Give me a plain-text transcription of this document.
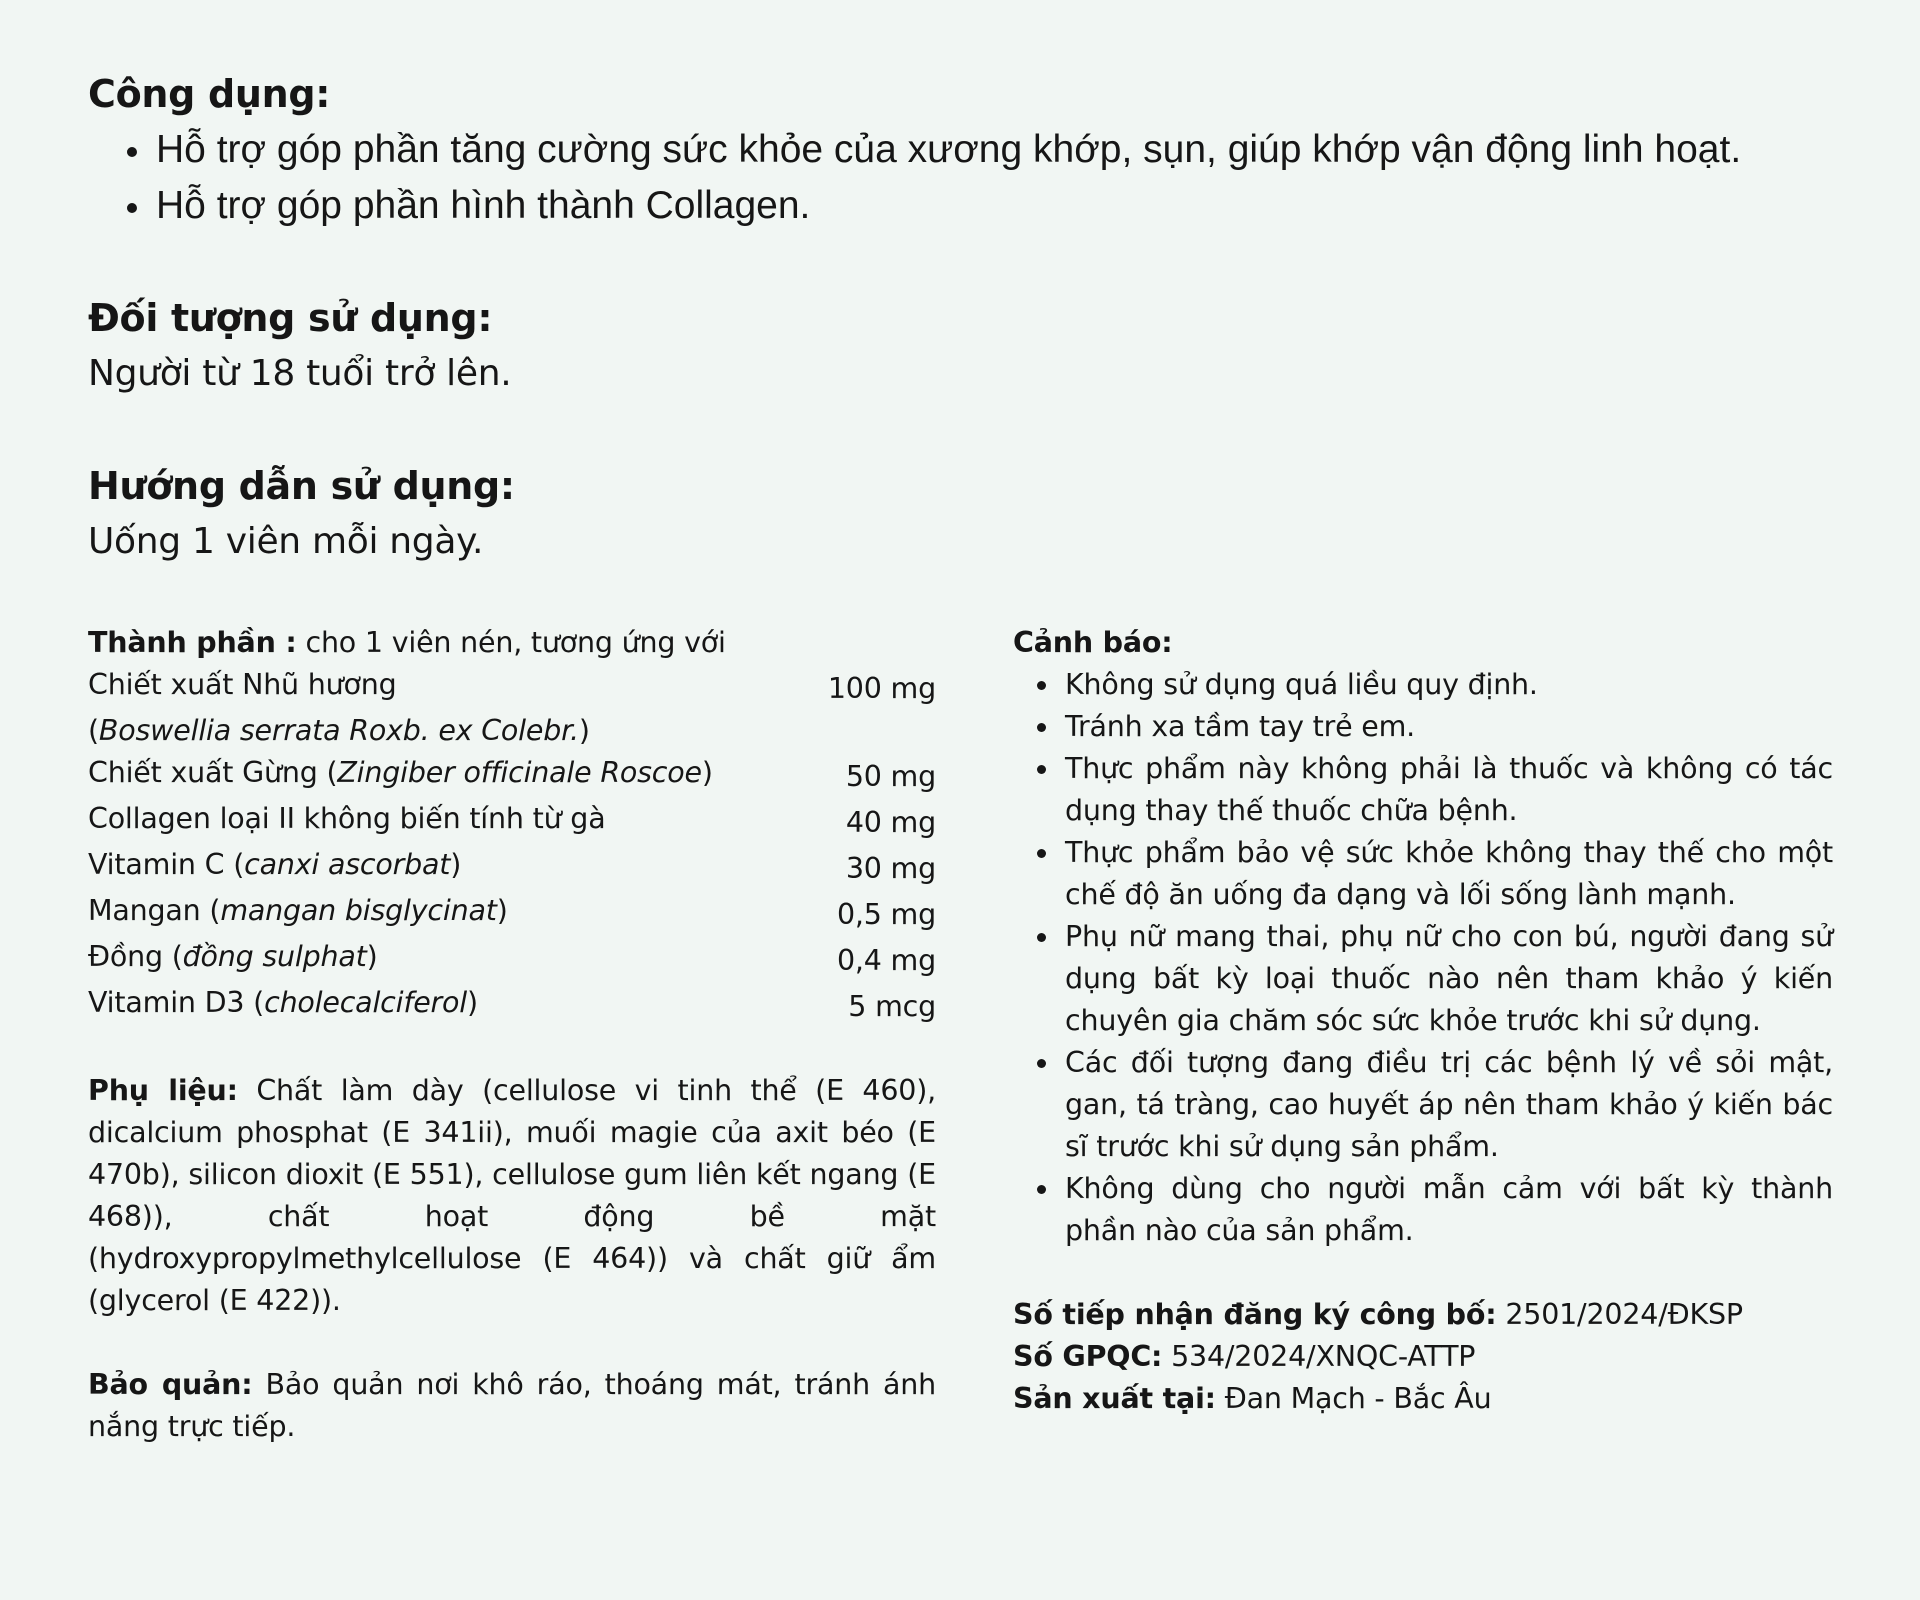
Công dụng:
Hỗ trợ góp phần tăng cường sức khỏe của xương khớp, sụn, giúp khớp vận động linh hoạt.
Hỗ trợ góp phần hình thành Collagen.
Đối tượng sử dụng:

Người từ 18 tuổi trở lên.

Hướng dẫn sử dụng:

Uống 1 viên mỗi ngày.

Thành phần : cho 1 viên nén, tương ứng với
Chiết xuất Nhũ hương	100 mg
(Boswellia serrata Roxb. ex Colebr.)
Chiết xuất Gừng (Zingiber officinale Roscoe)	50 mg
Collagen loại II không biến tính từ gà	40 mg
Vitamin C (canxi ascorbat)	30 mg
Mangan (mangan bisglycinat)	0,5 mg
Đồng (đồng sulphat)	0,4 mg
Vitamin D3 (cholecalciferol)	5 mcg
Phụ liệu: Chất làm dày (cellulose vi tinh thể (E 460), dicalcium phosphat (E 341ii), muối magie của axit béo (E 470b), silicon dioxit (E 551), cellulose gum liên kết ngang (E 468)), chất hoạt động bề mặt (hydroxypropylmethylcellulose (E 464)) và chất giữ ẩm (glycerol (E 422)).
Bảo quản: Bảo quản nơi khô ráo, thoáng mát, tránh ánh nắng trực tiếp.
Cảnh báo:
Không sử dụng quá liều quy định.
Tránh xa tầm tay trẻ em.
Thực phẩm này không phải là thuốc và không có tác dụng thay thế thuốc chữa bệnh.
Thực phẩm bảo vệ sức khỏe không thay thế cho một chế độ ăn uống đa dạng và lối sống lành mạnh.
Phụ nữ mang thai, phụ nữ cho con bú, người đang sử dụng bất kỳ loại thuốc nào nên tham khảo ý kiến chuyên gia chăm sóc sức khỏe trước khi sử dụng.
Các đối tượng đang điều trị các bệnh lý về sỏi mật, gan, tá tràng, cao huyết áp nên tham khảo ý kiến bác sĩ trước khi sử dụng sản phẩm.
Không dùng cho người mẫn cảm với bất kỳ thành phần nào của sản phẩm.
Số tiếp nhận đăng ký công bố: 2501/2024/ĐKSP
Số GPQC: 534/2024/XNQC-ATTP
Sản xuất tại: Đan Mạch - Bắc Âu
